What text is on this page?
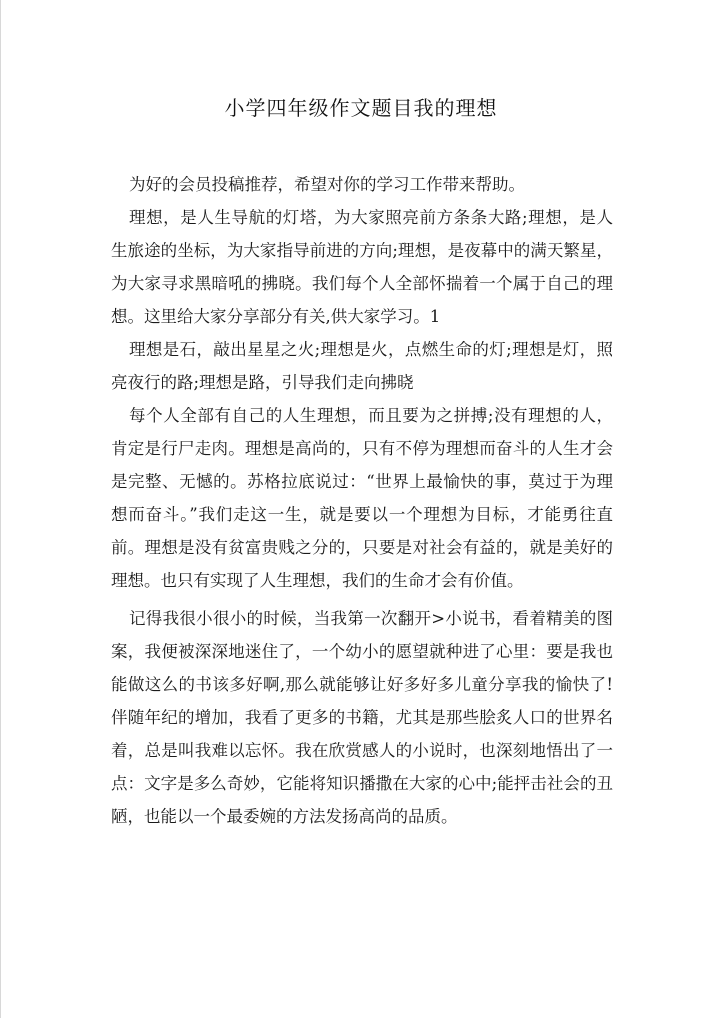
小学四年级作文题目我的理想

为好的会员投稿推荐，希望对你的学习工作带来帮助。

理想，是人生导航的灯塔，为大家照亮前方条条大路;理想，是人生旅途的坐标，为大家指导前进的方向;理想，是夜幕中的满天繁星，为大家寻求黑暗吼的拂晓。我们每个人全部怀揣着一个属于自己的理想。这里给大家分享部分有关,供大家学习。1

理想是石，敲出星星之火;理想是火，点燃生命的灯;理想是灯，照亮夜行的路;理想是路，引导我们走向拂晓

每个人全部有自己的人生理想，而且要为之拼搏;没有理想的人，肯定是行尸走肉。理想是高尚的，只有不停为理想而奋斗的人生才会是完整、无憾的。苏格拉底说过：“世界上最愉快的事，莫过于为理想而奋斗。”我们走这一生，就是要以一个理想为目标，才能勇往直前。理想是没有贫富贵贱之分的，只要是对社会有益的，就是美好的理想。也只有实现了人生理想，我们的生命才会有价值。

记得我很小很小的时候，当我第一次翻开>小说书，看着精美的图案，我便被深深地迷住了，一个幼小的愿望就种进了心里：要是我也能做这么的书该多好啊,那么就能够让好多好多儿童分享我的愉快了!伴随年纪的增加，我看了更多的书籍，尤其是那些脍炙人口的世界名着，总是叫我难以忘怀。我在欣赏感人的小说时，也深刻地悟出了一点：文字是多么奇妙，它能将知识播撒在大家的心中;能抨击社会的丑陋，也能以一个最委婉的方法发扬高尚的品质。
